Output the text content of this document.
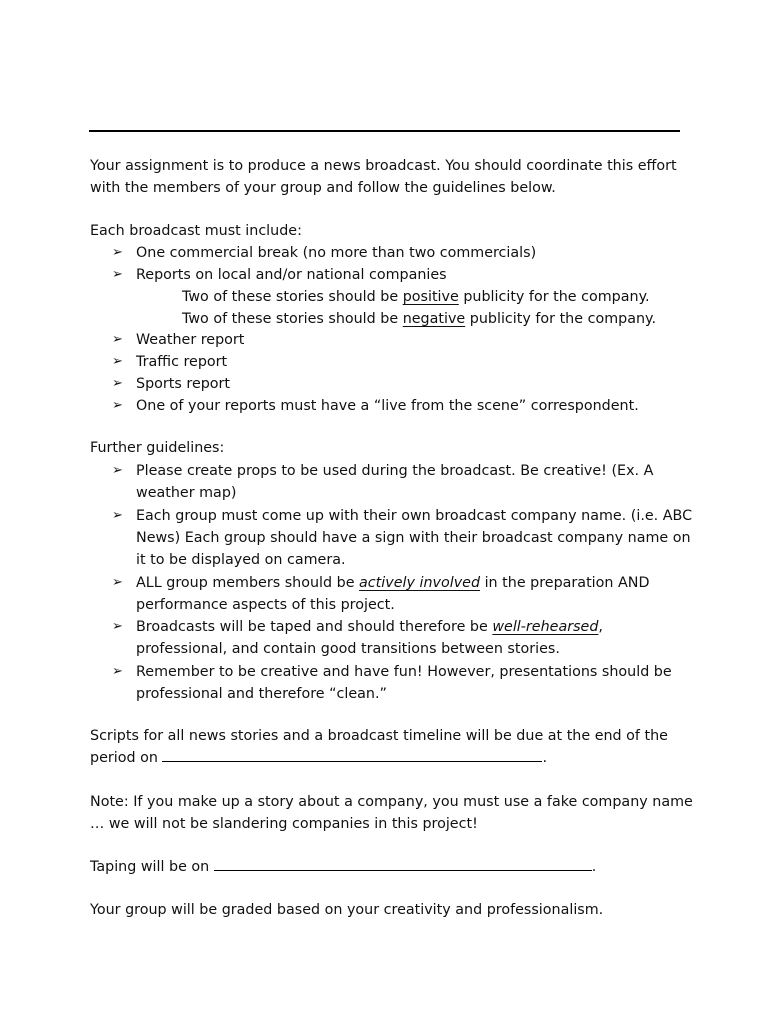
Your assignment is to produce a news broadcast. You should coordinate this effort
with the members of your group and follow the guidelines below.
Each broadcast must include:
➢ One commercial break (no more than two commercials)
➢ Reports on local and/or national companies
Two of these stories should be positive publicity for the company.
Two of these stories should be negative publicity for the company.
➢ Weather report
➢ Traffic report
➢ Sports report
➢ One of your reports must have a “live from the scene” correspondent.
Further guidelines:
➢ Please create props to be used during the broadcast. Be creative! (Ex. A
weather map)
➢ Each group must come up with their own broadcast company name. (i.e. ABC
News) Each group should have a sign with their broadcast company name on
it to be displayed on camera.
➢ ALL group members should be actively involved in the preparation AND
performance aspects of this project.
➢ Broadcasts will be taped and should therefore be well-rehearsed,
professional, and contain good transitions between stories.
➢ Remember to be creative and have fun! However, presentations should be
professional and therefore “clean.”
Scripts for all news stories and a broadcast timeline will be due at the end of the
period on	.
Note: If you make up a story about a company, you must use a fake company name
… we will not be slandering companies in this project!
Taping will be on	.
Your group will be graded based on your creativity and professionalism.
